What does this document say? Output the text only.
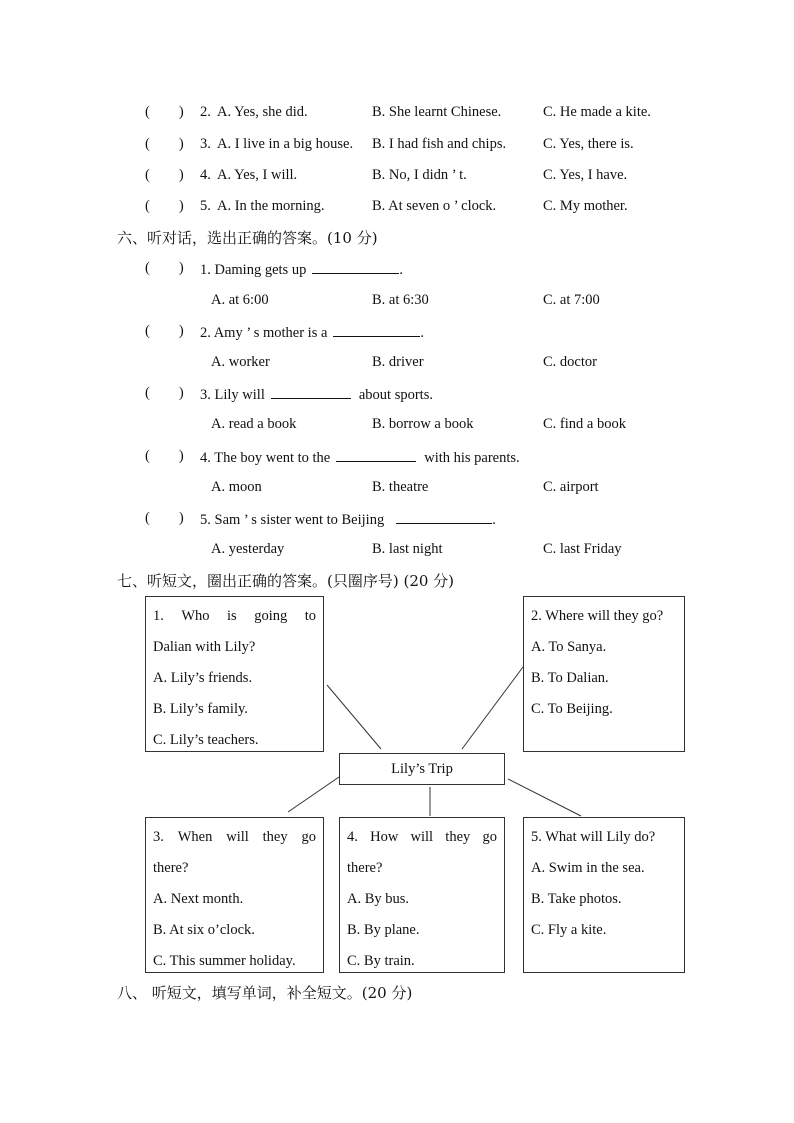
(        ) 2. A. Yes, she did.	B. She learnt Chinese.	C. He made a kite.
(        ) 3. A. I live in a big house. B. I had fish and chips.	C. Yes, there is.
(        ) 4. A. Yes, I will.	B. No, I didn ’ t.	C. Yes, I have.
(        ) 5. A. In the morning.	B. At seven o ’ clock.	C. My mother.
六、听对话，选出正确的答案。(10 分)
(        ) 1. Daming gets up	.
A. at 6:00	B. at 6:30	C. at 7:00
(        ) 2. Amy ’ s mother is a	.
A. worker	B. driver	C. doctor
(        ) 3. Lily will	about sports.
A. read a book	B. borrow a book	C. find a book
(        ) 4. The boy went to the	with his parents.
A. moon	B. theatre	C. airport
(        ) 5. Sam ’ s sister went to Beijing	.
A. yesterday	B. last night	C. last Friday
七、听短文，圈出正确的答案。(只圈序号) (20 分)
1. Who is going to
Dalian with Lily?
A. Lily’s friends.
B. Lily’s family.
C. Lily’s teachers.
2. Where will they go?
A. To Sanya.
B. To Dalian.
C. To Beijing.
Lily’s Trip
3. When will they go
there?
A. Next month.
B. At six o’clock.
C. This summer holiday.
4. How will they go
there?
A. By bus.
B. By plane.
C. By train.
5. What will Lily do?
A. Swim in the sea.
B. Take photos.
C. Fly a kite.
八、 听短文，填写单词，补全短文。(20 分)
